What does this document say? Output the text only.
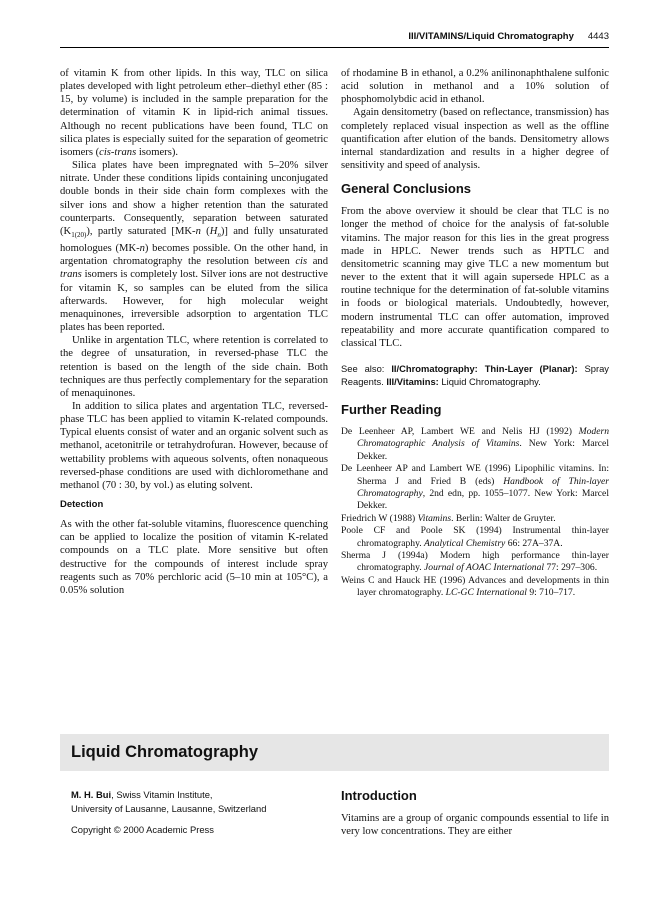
III/VITAMINS/Liquid Chromatography 4443

of vitamin K from other lipids. In this way, TLC on silica plates developed with light petroleum ether–diethyl ether (85 : 15, by volume) is included in the sample preparation for the determination of vitamin K in lipid-rich animal tissues. Although no recent publications have been found, TLC on silica plates is especially suited for the separation of geometric isomers (cis-trans isomers).

Silica plates have been impregnated with 5–20% silver nitrate. Under these conditions lipids containing unconjugated double bonds in their side chain form complexes with the silver ions and show a higher retention than the saturated counterparts. Consequently, separation between saturated $(K_{1(20)})$, partly saturated [MK-n $(H_n)$] and fully unsaturated homologues (MK-n) becomes possible. On the other hand, in argentation chromatography the resolution between cis and trans isomers is completely lost. Silver ions are not destructive for vitamin K, so samples can be eluted from the silica afterwards. However, for high molecular weight menaquinones, irreversible adsorption to argentation TLC plates has been reported.

Unlike in argentation TLC, where retention is correlated to the degree of unsaturation, in reversed-phase TLC the retention is based on the length of the side chain. Both techniques are thus perfectly complementary for the separation of menaquinones.

In addition to silica plates and argentation TLC, reversed-phase TLC has been applied to vitamin K-related compounds. Typical eluents consist of water and an organic solvent such as methanol, acetonitrile or tetrahydrofuran. However, because of wettability problems with aqueous solvents, often nonaqueous reversed-phase conditions are used with dichloromethane and methanol (70 : 30, by vol.) as eluting solvent.

Detection

As with the other fat-soluble vitamins, fluorescence quenching can be applied to localize the position of vitamin K-related compounds on a TLC plate. More sensitive but often destructive for the compounds of interest include spray reagents such as 70% perchloric acid (5–10 min at 105°C), a 0.05% solution

of rhodamine B in ethanol, a 0.2% anilinonaphthalene sulfonic acid solution in methanol and a 10% solution of phosphomolybdic acid in ethanol.

Again densitometry (based on reflectance, transmission) has completely replaced visual inspection as well as the offline quantification after elution of the bands. Densitometry allows internal standardization and results in a higher degree of sensitivity and speed of analysis.

General Conclusions

From the above overview it should be clear that TLC is no longer the method of choice for the analysis of fat-soluble vitamins. The major reason for this lies in the great progress made in HPLC. Newer trends such as HPTLC and densitometric scanning may give TLC a new momentum but never to the extent that it will again supersede HPLC as a routine technique for the determination of fat-soluble vitamins in foods or biological materials. Undoubtedly, however, modern instrumental TLC can offer automation, improved repeatability and more accurate quantification compared to classical TLC.

See also: II/Chromatography: Thin-Layer (Planar): Spray Reagents. III/Vitamins: Liquid Chromatography.

Further Reading

De Leenheer AP, Lambert WE and Nelis HJ (1992) Modern Chromatographic Analysis of Vitamins. New York: Marcel Dekker.

De Leenheer AP and Lambert WE (1996) Lipophilic vitamins. In: Sherma J and Fried B (eds) Handbook of Thin-layer Chromatography, 2nd edn, pp. 1055–1077. New York: Marcel Dekker.

Friedrich W (1988) Vitamins. Berlin: Walter de Gruyter.

Poole CF and Poole SK (1994) Instrumental thin-layer chromatography. Analytical Chemistry 66: 27A–37A.

Sherma J (1994a) Modern high performance thin-layer chromatography. Journal of AOAC International 77: 297–306.

Weins C and Hauck HE (1996) Advances and developments in thin layer chromatography. LC-GC International 9: 710–717.

Liquid Chromatography
M. H. Bui, Swiss Vitamin Institute,
University of Lausanne, Lausanne, Switzerland
Copyright © 2000 Academic Press
Introduction

Vitamins are a group of organic compounds essential to life in very low concentrations. They are either
